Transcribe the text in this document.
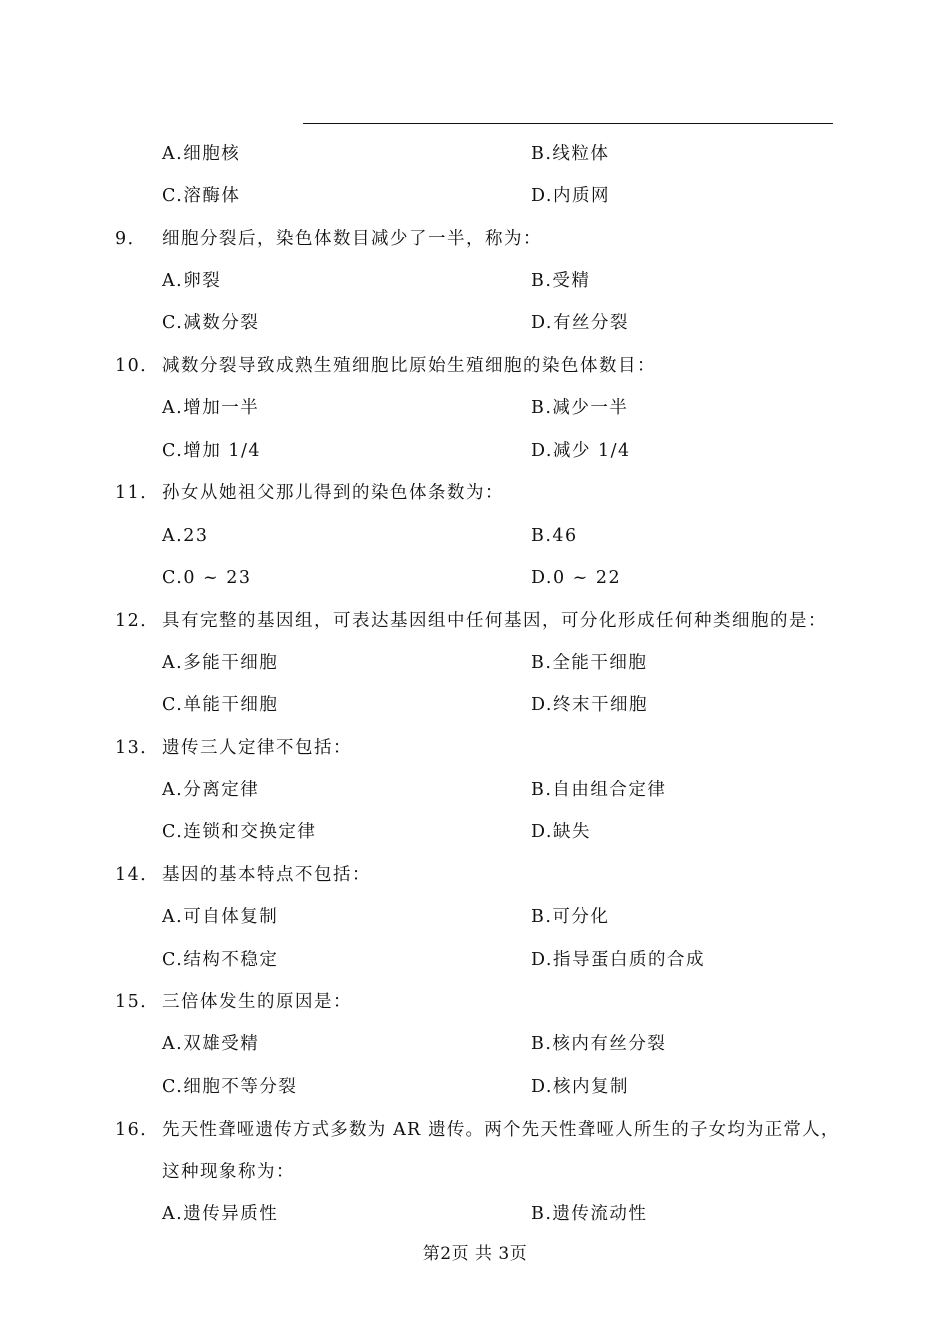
A.细胞核	B.线粒体
C.溶酶体	D.内质网
9． 细胞分裂后，染色体数目减少了一半，称为：
A.卵裂	B.受精
C.减数分裂	D.有丝分裂
10． 减数分裂导致成熟生殖细胞比原始生殖细胞的染色体数目：
A.增加一半	B.减少一半
C.增加 1/4	D.减少 1/4
11． 孙女从她祖父那儿得到的染色体条数为：
A.23	B.46
C.0 ~ 23	D.0 ~ 22
12． 具有完整的基因组，可表达基因组中任何基因，可分化形成任何种类细胞的是：
A.多能干细胞	B.全能干细胞
C.单能干细胞	D.终末干细胞
13． 遗传三人定律不包括：
A.分离定律	B.自由组合定律
C.连锁和交换定律	D.缺失
14． 基因的基本特点不包括：
A.可自体复制	B.可分化
C.结构不稳定	D.指导蛋白质的合成
15． 三倍体发生的原因是：
A.双雄受精	B.核内有丝分裂
C.细胞不等分裂	D.核内复制
16． 先天性聋哑遗传方式多数为 AR 遗传。两个先天性聋哑人所生的子女均为正常人，
这种现象称为：
A.遗传异质性	B.遗传流动性
第2页 共 3页
